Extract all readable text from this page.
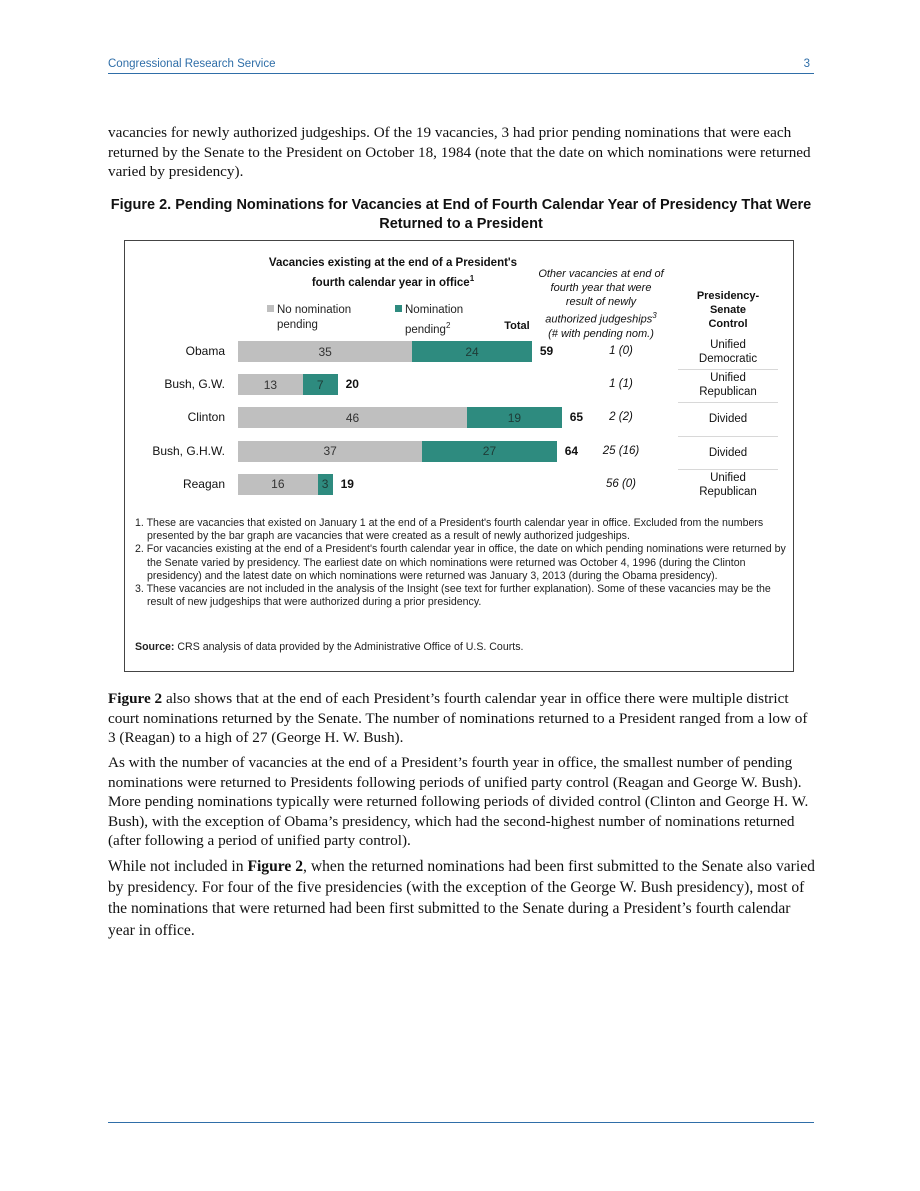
Congressional Research Service	3

vacancies for newly authorized judgeships. Of the 19 vacancies, 3 had prior pending nominations that were each returned by the Senate to the President on October 18, 1984 (note that the date on which nominations were returned varied by presidency).

Figure 2. Pending Nominations for Vacancies at End of Fourth Calendar Year of Presidency That Were Returned to a President
Vacancies existing at the end of a President's
fourth calendar year in office$^1$
No nomination
pending
Nomination
pending$^2$	Total
Other vacancies at end of
fourth year that were
result of newly
authorized judgeships$^3$
(# with pending nom.)
Presidency-
Senate
Control
Obama	35	24	59	1 (0)	Unified
Democratic
Bush, G.W.	13	7	20	1 (1)	Unified
Republican
Clinton	46	19	65	2 (2)	Divided
Bush, G.H.W.	37	27	64	25 (16)	Divided
Reagan	16	3	19	56 (0)	Unified
Republican

1. These are vacancies that existed on January 1 at the end of a President's fourth calendar year in office. Excluded from the numbers presented by the bar graph are vacancies that were created as a result of newly authorized judgeships.

2. For vacancies existing at the end of a President's fourth calendar year in office, the date on which pending nominations were returned by the Senate varied by presidency. The earliest date on which nominations were returned was October 4, 1996 (during the Clinton presidency) and the latest date on which nominations were returned was January 3, 2013 (during the Obama presidency).

3. These vacancies are not included in the analysis of the Insight (see text for further explanation). Some of these vacancies may be the result of new judgeships that were authorized during a prior presidency.

Source: CRS analysis of data provided by the Administrative Office of U.S. Courts.

Figure 2 also shows that at the end of each President’s fourth calendar year in office there were multiple district court nominations returned by the Senate. The number of nominations returned to a President ranged from a low of 3 (Reagan) to a high of 27 (George H. W. Bush).

As with the number of vacancies at the end of a President’s fourth year in office, the smallest number of pending nominations were returned to Presidents following periods of unified party control (Reagan and George W. Bush). More pending nominations typically were returned following periods of divided control (Clinton and George H. W. Bush), with the exception of Obama’s presidency, which had the second-highest number of nominations returned (after following a period of unified party control).

While not included in Figure 2, when the returned nominations had been first submitted to the Senate also varied by presidency. For four of the five presidencies (with the exception of the George W. Bush presidency), most of the nominations that were returned had been first submitted to the Senate during a President’s fourth calendar year in office.
